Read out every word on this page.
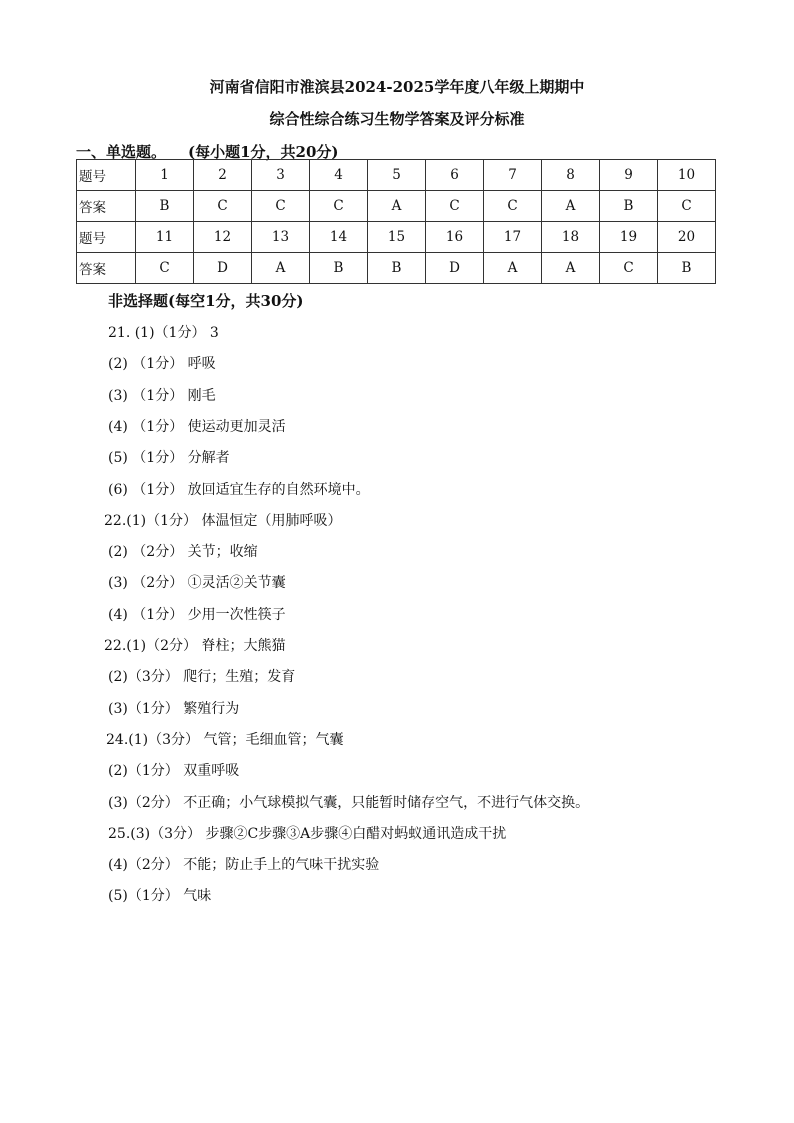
河南省信阳市淮滨县2024-2025学年度八年级上期期中
综合性综合练习生物学答案及评分标准
一、单选题。 (每小题1分，共20分)
题号	1	2	3	4	5	6	7	8	9	10
答案	B	C	C	C	A	C	C	A	B	C
题号	11	12	13	14	15	16	17	18	19	20
答案	C	D	A	B	B	D	A	A	C	B
非选择题(每空1分，共30分)
21. (1)（1分） 3
(2) （1分） 呼吸
(3) （1分） 刚毛
(4) （1分） 使运动更加灵活
(5) （1分） 分解者
(6) （1分） 放回适宜生存的自然环境中。
22.(1)（1分） 体温恒定（用肺呼吸）
(2) （2分） 关节；收缩
(3) （2分） ①灵活②关节囊
(4) （1分） 少用一次性筷子
22.(1)（2分） 脊柱；大熊猫
(2)（3分） 爬行；生殖；发育
(3)（1分） 繁殖行为
24.(1)（3分） 气管；毛细血管；气囊
(2)（1分） 双重呼吸
(3)（2分） 不正确；小气球模拟气囊，只能暂时储存空气，不进行气体交换。
25.(3)（3分） 步骤②C步骤③A步骤④白醋对蚂蚁通讯造成干扰
(4)（2分） 不能；防止手上的气味干扰实验
(5)（1分） 气味
